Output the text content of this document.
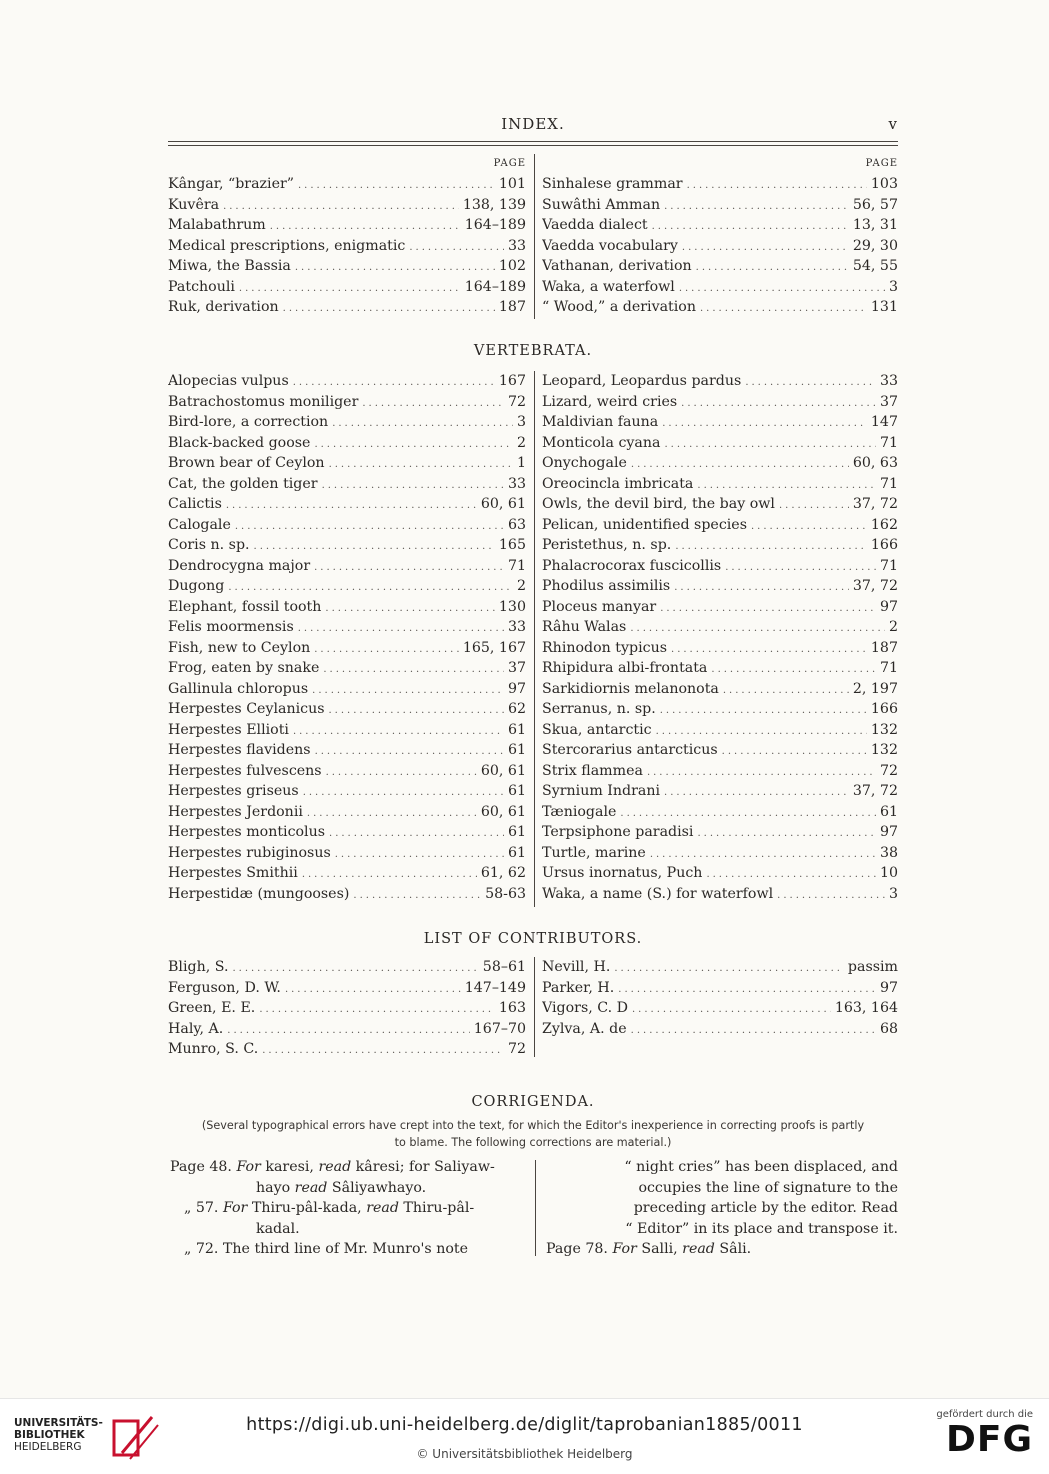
INDEX.	v
PAGE
Kângar, “brazier” .....	101
Kuvêra .....	138, 139
Malabathrum .....	164–189
Medical prescriptions, enigmatic .....	33
Miwa, the Bassia .....	102
Patchouli .....	164–189
Ruk, derivation .....	187
PAGE
Sinhalese grammar .....	103
Suwâthi Amman .....	56, 57
Vaedda dialect .....	13, 31
Vaedda vocabulary .....	29, 30
Vathanan, derivation .....	54, 55
Waka, a waterfowl .....	3
“ Wood,” a derivation .....	131
VERTEBRATA.
Alopecias vulpus .....	167
Batrachostomus moniliger .....	72
Bird-lore, a correction .....	3
Black-backed goose .....	2
Brown bear of Ceylon .....	1
Cat, the golden tiger .....	33
Calictis .....	60, 61
Calogale .....	63
Coris n. sp. .....	165
Dendrocygna major .....	71
Dugong .....	2
Elephant, fossil tooth .....	130
Felis moormensis .....	33
Fish, new to Ceylon .....	165, 167
Frog, eaten by snake .....	37
Gallinula chloropus .....	97
Herpestes Ceylanicus .....	62
Herpestes Ellioti .....	61
Herpestes flavidens .....	61
Herpestes fulvescens .....	60, 61
Herpestes griseus .....	61
Herpestes Jerdonii .....	60, 61
Herpestes monticolus .....	61
Herpestes rubiginosus .....	61
Herpestes Smithii .....	61, 62
Herpestidæ (mungooses) .....	58-63
Leopard, Leopardus pardus .....	33
Lizard, weird cries .....	37
Maldivian fauna .....	147
Monticola cyana .....	71
Onychogale .....	60, 63
Oreocincla imbricata .....	71
Owls, the devil bird, the bay owl .....	37, 72
Pelican, unidentified species .....	162
Peristethus, n. sp. .....	166
Phalacrocorax fuscicollis .....	71
Phodilus assimilis .....	37, 72
Ploceus manyar .....	97
Râhu Walas .....	2
Rhinodon typicus .....	187
Rhipidura albi-frontata .....	71
Sarkidiornis melanonota .....	2, 197
Serranus, n. sp. .....	166
Skua, antarctic .....	132
Stercorarius antarcticus .....	132
Strix flammea .....	72
Syrnium Indrani .....	37, 72
Tæniogale .....	61
Terpsiphone paradisi .....	97
Turtle, marine .....	38
Ursus inornatus, Puch .....	10
Waka, a name (S.) for waterfowl .....	3
LIST OF CONTRIBUTORS.
Bligh, S. .....	58–61
Ferguson, D. W. .....	147–149
Green, E. E. .....	163
Haly, A. .....	167–70
Munro, S. C. .....	72
Nevill, H. .....	passim
Parker, H. .....	97
Vigors, C. D .....	163, 164
Zylva, A. de .....	68
CORRIGENDA.
(Several typographical errors have crept into the text, for which the Editor's inexperience in correcting proofs is partly
to blame. The following corrections are material.)

Page 48. For karesi, read kâresi; for Saliyaw-

hayo read Sâliyawhayo.

„ 57. For Thiru-pâl-kada, read Thiru-pâl-

kadal.

„ 72. The third line of Mr. Munro's note

“ night cries” has been displaced, and

occupies the line of signature to the

preceding article by the editor. Read

“ Editor” in its place and transpose it.

Page 78. For Salli, read Sâli.

UNIVERSITÄTS-
BIBLIOTHEK
HEIDELBERG
https://digi.ub.uni-heidelberg.de/diglit/taprobanian1885/0011
© Universitätsbibliothek Heidelberg
gefördert durch die
DFG
